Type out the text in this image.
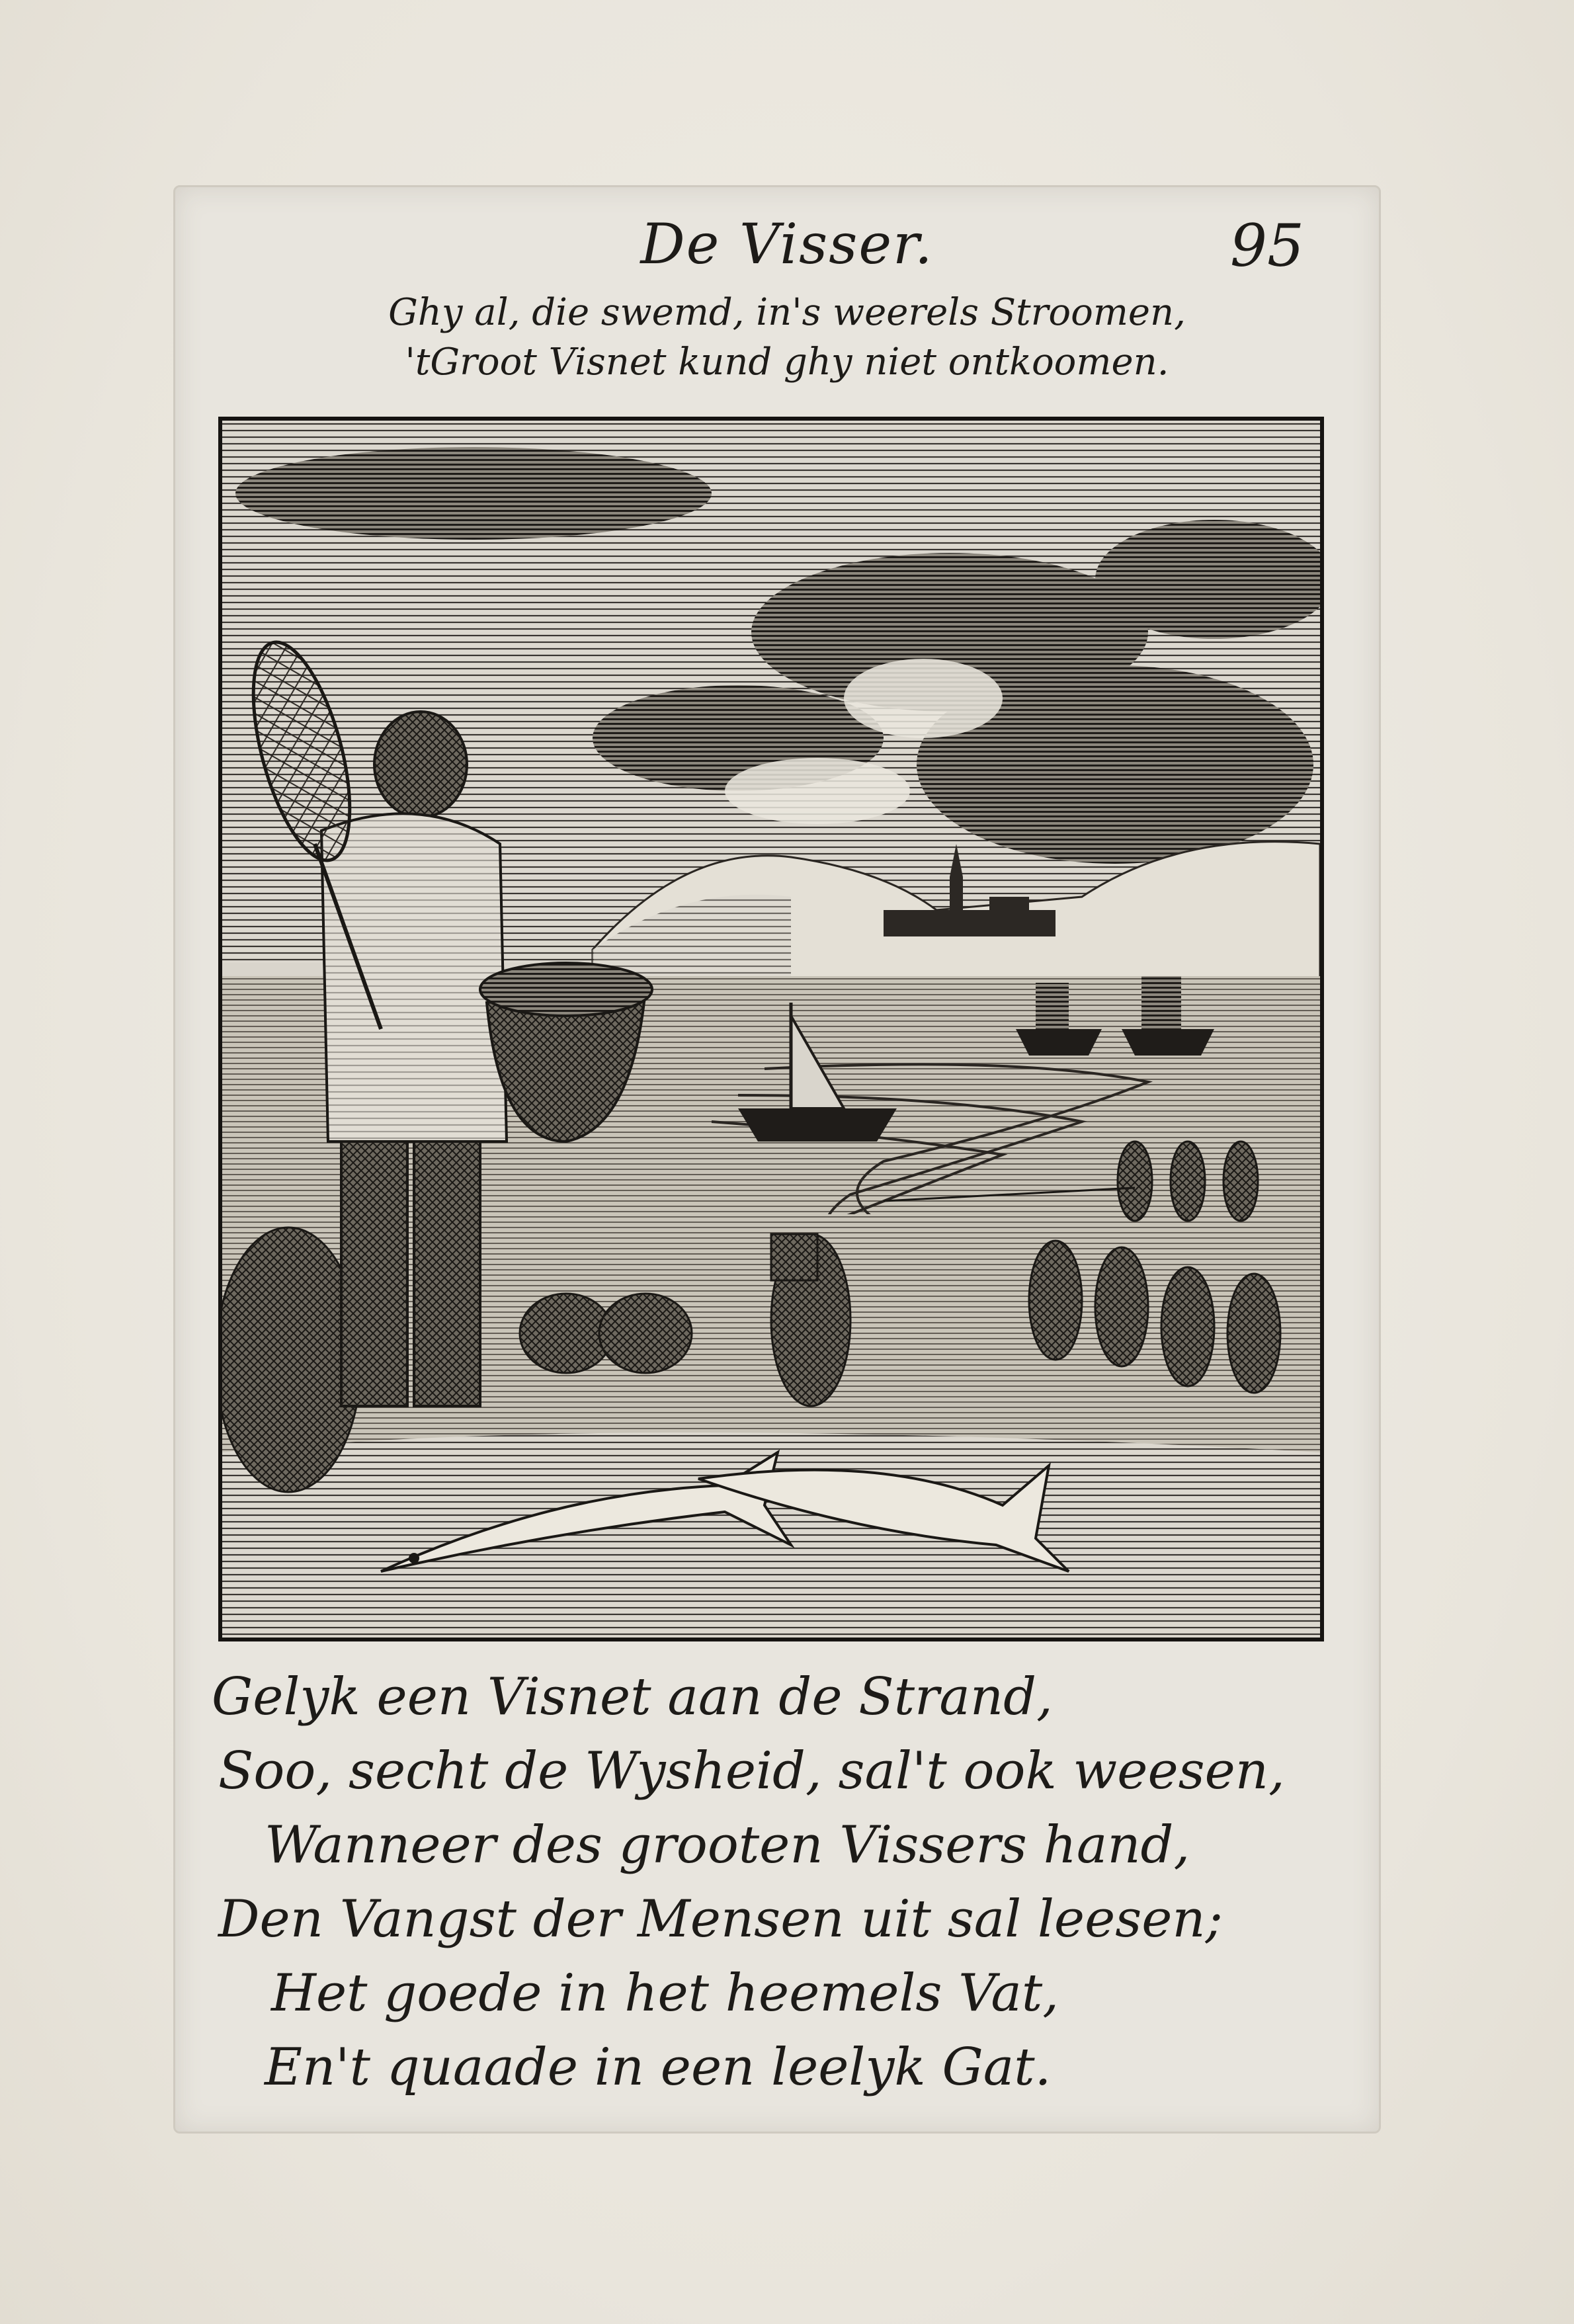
De Visser.	95
Ghy al, die swemd, in's weerels Stroomen,
'tGroot Visnet kund ghy niet ontkoomen.
Gelyk een Visnet aan de Strand,
Soo, secht de Wysheid, sal't ook weesen,
Wanneer des grooten Vissers hand,
Den Vangst der Mensen uit sal leesen;
Het goede in het heemels Vat,
En't quaade in een leelyk Gat.
